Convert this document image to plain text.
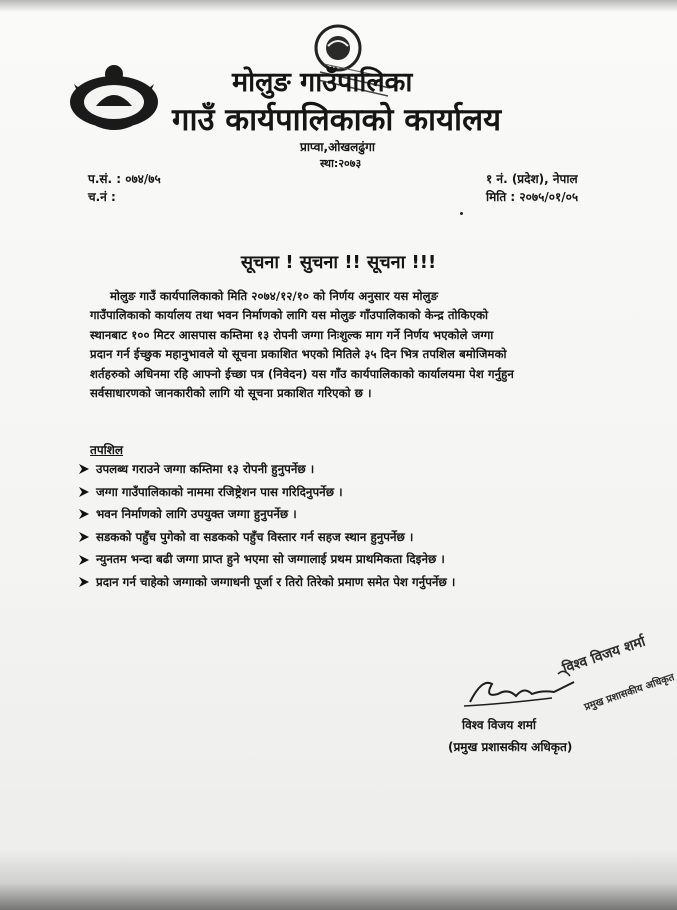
मोलुङ गाउँपालिका
गाउँ कार्यपालिकाको कार्यालय
प्राप्वा,ओखलढुंगा
स्था:२०७३
प.सं. : ०७४/७५
च.नं :
१ नं. (प्रदेश), नेपाल
मिति : २०७५/०१/०५
सूचना ! सुचना !! सूचना !!!
मोलुङ गाउँ कार्यपालिकाको मिति २०७४/१२/१० को निर्णय अनुसार यस मोलुङ
गाउँपालिकाको कार्यालय तथा भवन निर्माणको लागि यस मोलुङ गाँउपालिकाको केन्द्र तोकिएको
स्थानबाट १०० मिटर आसपास कम्तिमा १३ रोपनी जग्गा निःशुल्क माग गर्ने निर्णय भएकोले जग्गा
प्रदान गर्न ईच्छुक महानुभावले यो सूचना प्रकाशित भएको मितिले ३५ दिन भित्र तपशिल बमोजिमको
शर्तहरुको अधिनमा रहि आफ्नो ईच्छा पत्र (निवेदन) यस गाँउ कार्यपालिकाको कार्यालयमा पेश गर्नुहुन
सर्वसाधारणको जानकारीको लागि यो सूचना प्रकाशित गरिएको छ ।
तपशिल
उपलब्ध गराउने जग्गा कम्तिमा १३ रोपनी हुनुपर्नेछ ।
जग्गा गाउँपालिकाको नाममा रजिष्ट्रेशन पास गरिदिनुपर्नेछ ।
भवन निर्माणको लागि उपयुक्त जग्गा हुनुपर्नेछ ।
सडकको पहुँच पुगेको वा सडकको पहुँच विस्तार गर्न सहज स्थान हुनुपर्नेछ ।
न्युनतम भन्दा बढी जग्गा प्राप्त हुने भएमा सो जग्गालाई प्रथम प्राथमिकता दिइनेछ ।
प्रदान गर्न चाहेको जग्गाको जग्गाधनी पूर्जा र तिरो तिरेको प्रमाण समेत पेश गर्नुपर्नेछ ।
विश्व विजय शर्मा
प्रमुख प्रशासकीय अधिकृत
विश्व विजय शर्मा
(प्रमुख प्रशासकीय अधिकृत)
